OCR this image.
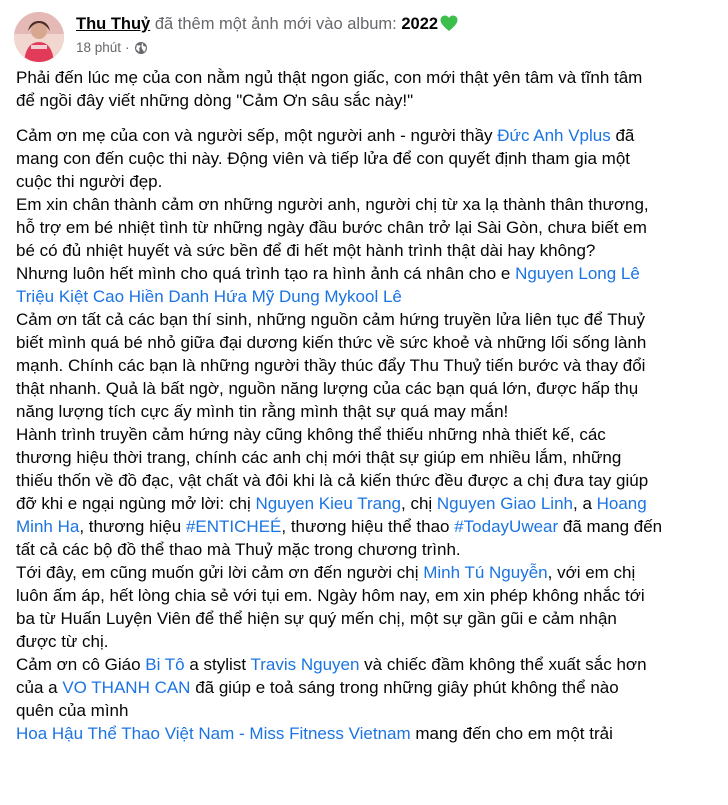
Thu Thuỷ đã thêm một ảnh mới vào album: 2022
18 phút ·

Phải đến lúc mẹ của con nằm ngủ thật ngon giấc, con mới thật yên tâm và tĩnh tâm
để ngồi đây viết những dòng "Cảm Ơn sâu sắc này!"

Cảm ơn mẹ của con và người sếp, một người anh - người thầy Đức Anh Vplus đã
mang con đến cuộc thi này. Động viên và tiếp lửa để con quyết định tham gia một
cuộc thi người đẹp.
Em xin chân thành cảm ơn những người anh, người chị từ xa lạ thành thân thương,
hỗ trợ em bé nhiệt tình từ những ngày đầu bước chân trở lại Sài Gòn, chưa biết em
bé có đủ nhiệt huyết và sức bền để đi hết một hành trình thật dài hay không?
Nhưng luôn hết mình cho quá trình tạo ra hình ảnh cá nhân cho e Nguyen Long Lê
Triệu Kiệt Cao Hiền Danh Hứa Mỹ Dung Mykool Lê
Cảm ơn tất cả các bạn thí sinh, những nguồn cảm hứng truyền lửa liên tục để Thuỷ
biết mình quá bé nhỏ giữa đại dương kiến thức về sức khoẻ và những lối sống lành
mạnh. Chính các bạn là những người thầy thúc đẩy Thu Thuỷ tiến bước và thay đổi
thật nhanh. Quả là bất ngờ, nguồn năng lượng của các bạn quá lớn, được hấp thụ
năng lượng tích cực ấy mình tin rằng mình thật sự quá may mắn!
Hành trình truyền cảm hứng này cũng không thể thiếu những nhà thiết kế, các
thương hiệu thời trang, chính các anh chị mới thật sự giúp em nhiều lắm, những
thiếu thốn về đồ đạc, vật chất và đôi khi là cả kiến thức đều được a chị đưa tay giúp
đỡ khi e ngại ngùng mở lời: chị Nguyen Kieu Trang, chị Nguyen Giao Linh, a Hoang
Minh Ha, thương hiệu #ENTICHEÉ, thương hiệu thể thao #TodayUwear đã mang đến
tất cả các bộ đồ thể thao mà Thuỷ mặc trong chương trình.
Tới đây, em cũng muốn gửi lời cảm ơn đến người chị Minh Tú Nguyễn, với em chị
luôn ấm áp, hết lòng chia sẻ với tụi em. Ngày hôm nay, em xin phép không nhắc tới
ba từ Huấn Luyện Viên để thể hiện sự quý mến chị, một sự gần gũi e cảm nhận
được từ chị.
Cảm ơn cô Giáo Bi Tô a stylist Travis Nguyen và chiếc đầm không thể xuất sắc hơn
của a VO THANH CAN đã giúp e toả sáng trong những giây phút không thể nào
quên của mình
Hoa Hậu Thể Thao Việt Nam - Miss Fitness Vietnam mang đến cho em một trải
